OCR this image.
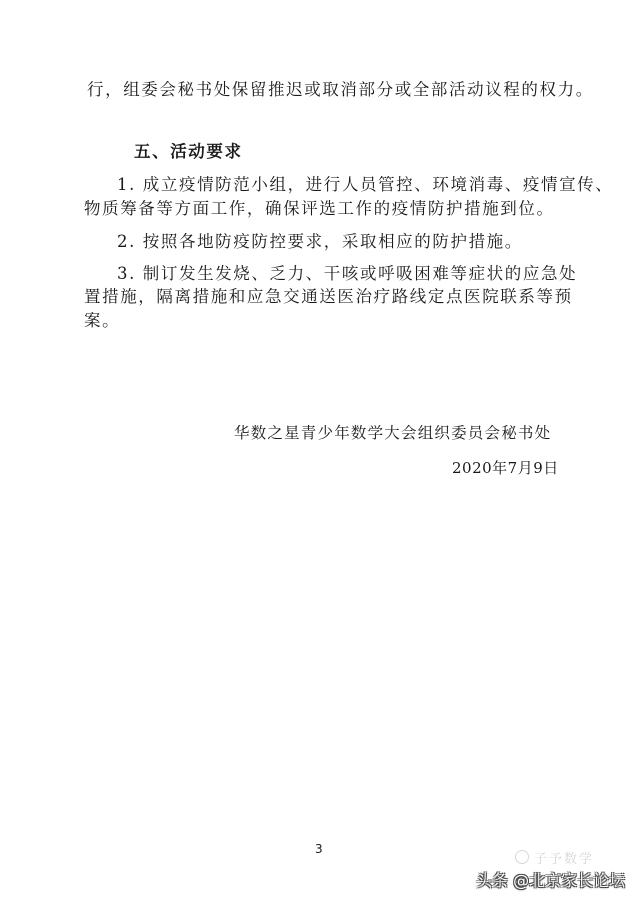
行，组委会秘书处保留推迟或取消部分或全部活动议程的权力。
五、活动要求
1. 成立疫情防范小组，进行人员管控、环境消毒、疫情宣传、
物质筹备等方面工作，确保评选工作的疫情防护措施到位。
2. 按照各地防疫防控要求，采取相应的防护措施。
3. 制订发生发烧、乏力、干咳或呼吸困难等症状的应急处
置措施，隔离措施和应急交通送医治疗路线定点医院联系等预
案。
华数之星青少年数学大会组织委员会秘书处
2020年7月9日
3
子予数学
头条 @北京家长论坛
